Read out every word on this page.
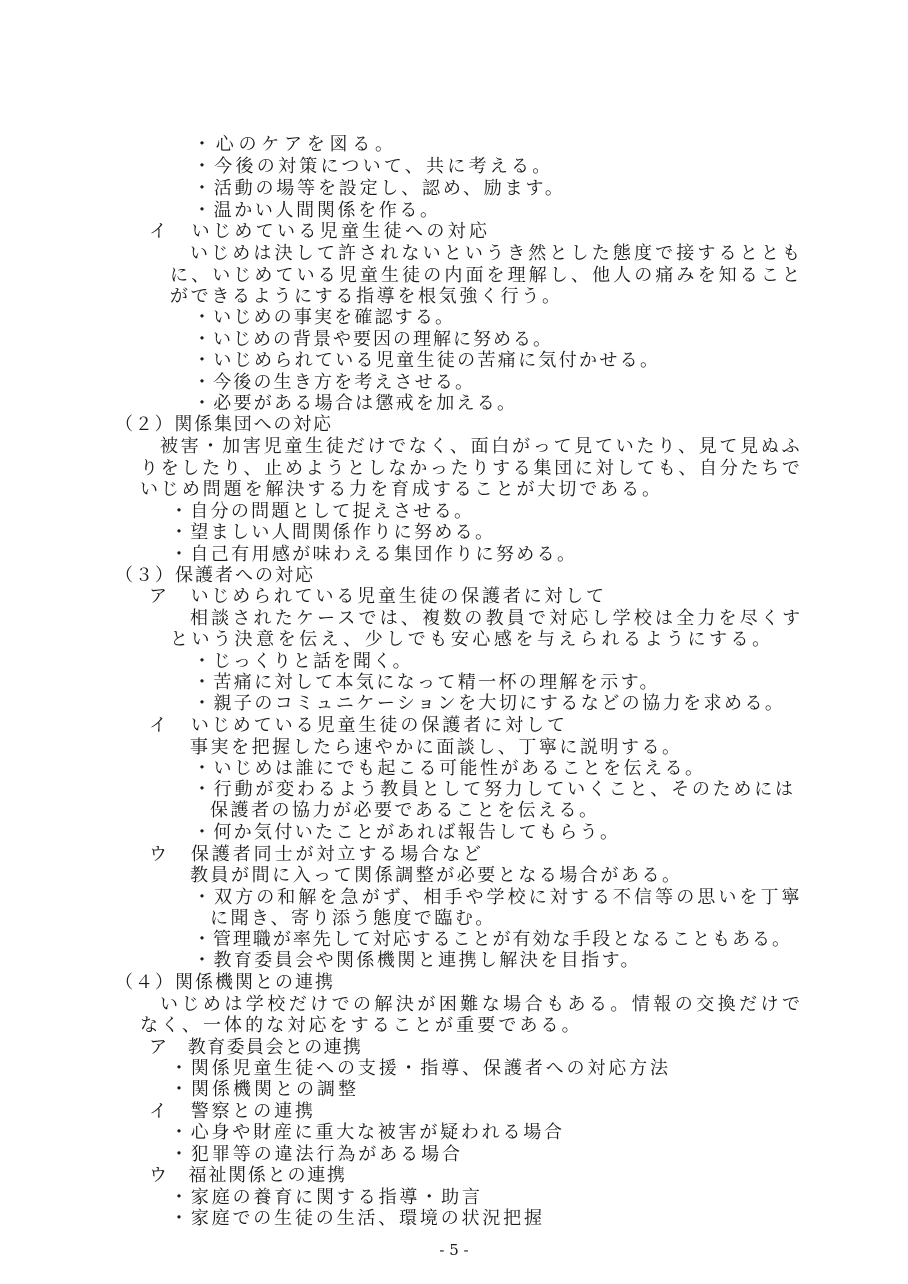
・心のケアを図る。
・今後の対策について、共に考える。
・活動の場等を設定し、認め、励ます。
・温かい人間関係を作る。
イ　いじめている児童生徒への対応
いじめは決して許されないというき然とした態度で接するととも
に、いじめている児童生徒の内面を理解し、他人の痛みを知ること
ができるようにする指導を根気強く行う。
・いじめの事実を確認する。
・いじめの背景や要因の理解に努める。
・いじめられている児童生徒の苦痛に気付かせる。
・今後の生き方を考えさせる。
・必要がある場合は懲戒を加える。
（２）関係集団への対応
被害・加害児童生徒だけでなく、面白がって見ていたり、見て見ぬふ
りをしたり、止めようとしなかったりする集団に対しても、自分たちで
いじめ問題を解決する力を育成することが大切である。
・自分の問題として捉えさせる。
・望ましい人間関係作りに努める。
・自己有用感が味わえる集団作りに努める。
（３）保護者への対応
ア　いじめられている児童生徒の保護者に対して
相談されたケースでは、複数の教員で対応し学校は全力を尽くす
という決意を伝え、少しでも安心感を与えられるようにする。
・じっくりと話を聞く。
・苦痛に対して本気になって精一杯の理解を示す。
・親子のコミュニケーションを大切にするなどの協力を求める。
イ　いじめている児童生徒の保護者に対して
事実を把握したら速やかに面談し、丁寧に説明する。
・いじめは誰にでも起こる可能性があることを伝える。
・行動が変わるよう教員として努力していくこと、そのためには
保護者の協力が必要であることを伝える。
・何か気付いたことがあれば報告してもらう。
ウ　保護者同士が対立する場合など
教員が間に入って関係調整が必要となる場合がある。
・双方の和解を急がず、相手や学校に対する不信等の思いを丁寧
に聞き、寄り添う態度で臨む。
・管理職が率先して対応することが有効な手段となることもある。
・教育委員会や関係機関と連携し解決を目指す。
（４）関係機関との連携
いじめは学校だけでの解決が困難な場合もある。情報の交換だけで
なく、一体的な対応をすることが重要である。
ア　教育委員会との連携
・関係児童生徒への支援・指導、保護者への対応方法
・関係機関との調整
イ　警察との連携
・心身や財産に重大な被害が疑われる場合
・犯罪等の違法行為がある場合
ウ　福祉関係との連携
・家庭の養育に関する指導・助言
・家庭での生徒の生活、環境の状況把握
- 5 -
